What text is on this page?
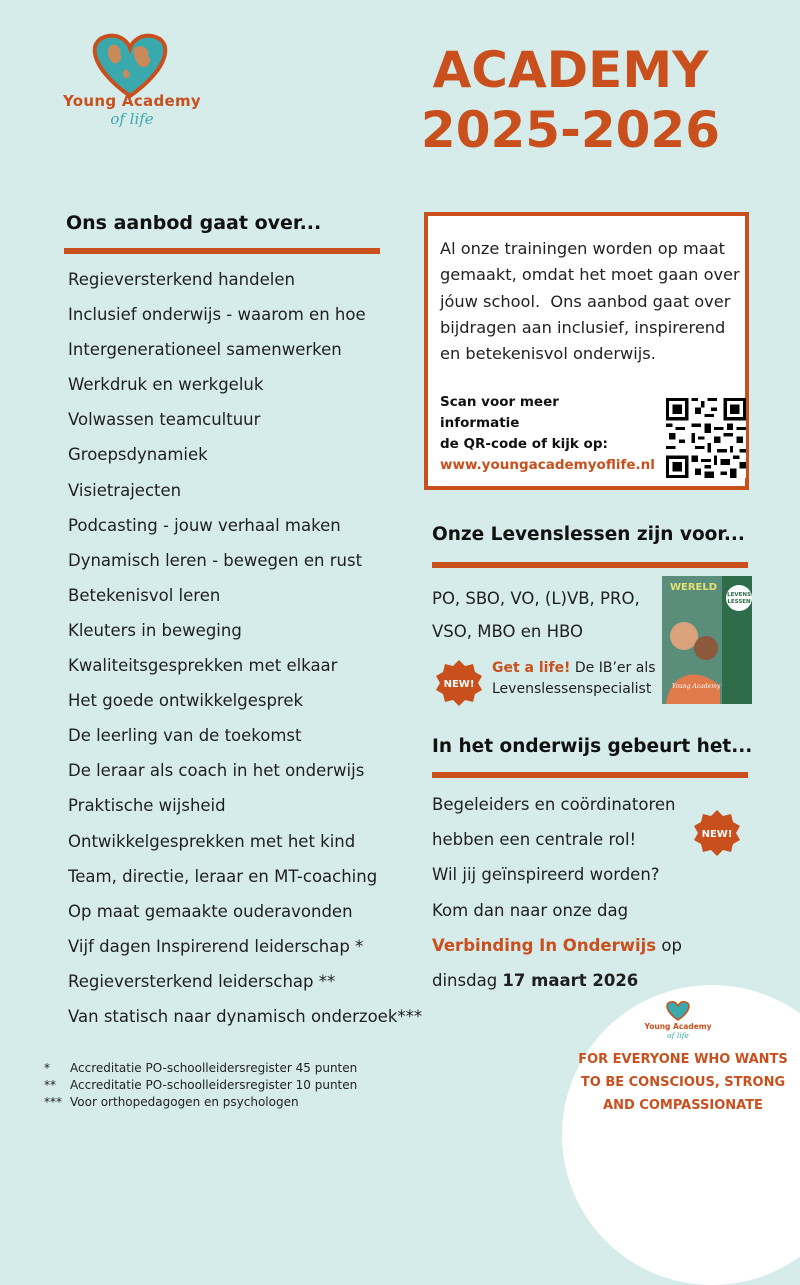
Young Academy
of life
ACADEMY
2025-2026
Ons aanbod gaat over...
Regieversterkend handelen
Inclusief onderwijs - waarom en hoe
Intergenerationeel samenwerken
Werkdruk en werkgeluk
Volwassen teamcultuur
Groepsdynamiek
Visietrajecten
Podcasting - jouw verhaal maken
Dynamisch leren - bewegen en rust
Betekenisvol leren
Kleuters in beweging
Kwaliteitsgesprekken met elkaar
Het goede ontwikkelgesprek
De leerling van de toekomst
De leraar als coach in het onderwijs
Praktische wijsheid
Ontwikkelgesprekken met het kind
Team, directie, leraar en MT-coaching
Op maat gemaakte ouderavonden
Vijf dagen Inspirerend leiderschap *
Regieversterkend leiderschap **
Van statisch naar dynamisch onderzoek***
*	Accreditatie PO-schoolleidersregister 45 punten
**	Accreditatie PO-schoolleidersregister 10 punten
*** Voor orthopedagogen en psychologen
Al onze trainingen worden op maat
gemaakt, omdat het moet gaan over
jóuw school.  Ons aanbod gaat over
bijdragen aan inclusief, inspirerend
en betekenisvol onderwijs.
Scan voor meer
informatie
de QR-code of kijk op:
www.youngacademyoflife.nl
Onze Levenslessen zijn voor...
PO, SBO, VO, (L)VB, PRO,
VSO, MBO en HBO
NEW!
Get a life! De IB’er als
Levenslessenspecialist
LEVENS
LESSEN
WERELD
Young Academy
In het onderwijs gebeurt het...
Begeleiders en coördinatoren
hebben een centrale rol!
Wil jij geïnspireerd worden?
Kom dan naar onze dag
Verbinding In Onderwijs op
dinsdag 17 maart 2026
NEW!
Young Academy
of life
FOR EVERYONE WHO WANTS
TO BE CONSCIOUS, STRONG
AND COMPASSIONATE
